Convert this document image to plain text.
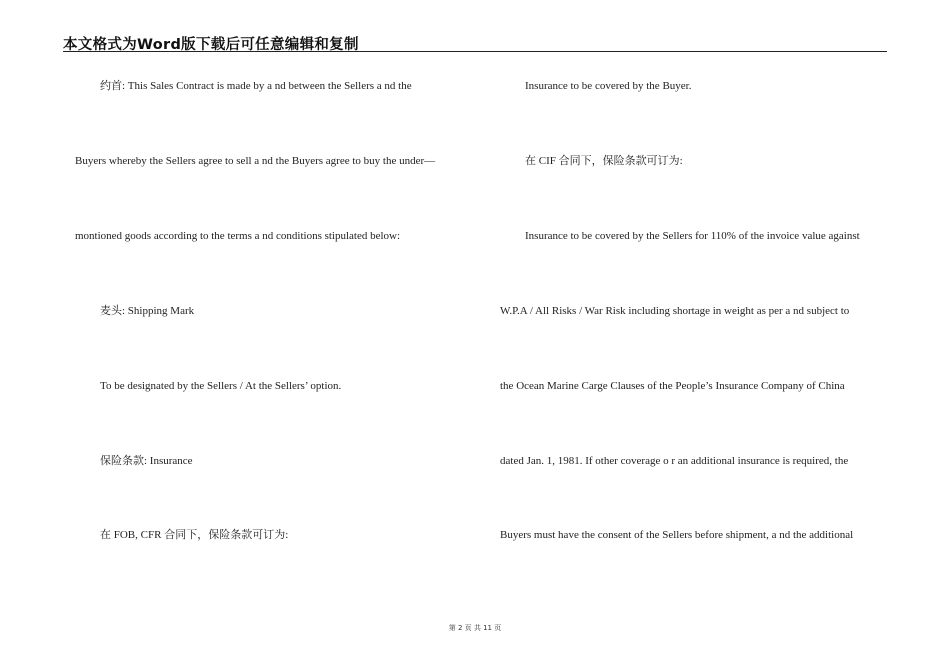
本文格式为Word版下载后可任意编辑和复制
约首: This Sales Contract is made by a nd between the Sellers a nd the
Buyers whereby the Sellers agree to sell a nd the Buyers agree to buy the under—
montioned goods according to the terms a nd conditions stipulated below:
麦头: Shipping Mark
To be designated by the Sellers / At the Sellers’ option.
保险条款: Insurance
在 FOB, CFR 合同下，保险条款可订为:
Insurance to be covered by the Buyer.
在 CIF 合同下，保险条款可订为:
Insurance to be covered by the Sellers for 110% of the invoice value against
W.P.A / All Risks / War Risk including shortage in weight as per a nd subject to
the Ocean Marine Carge Clauses of the People’s Insurance Company of China
dated Jan. 1, 1981. If other coverage o r an additional insurance is required, the
Buyers must have the consent of the Sellers before shipment, a nd the additional
第 2 页 共 11 页
